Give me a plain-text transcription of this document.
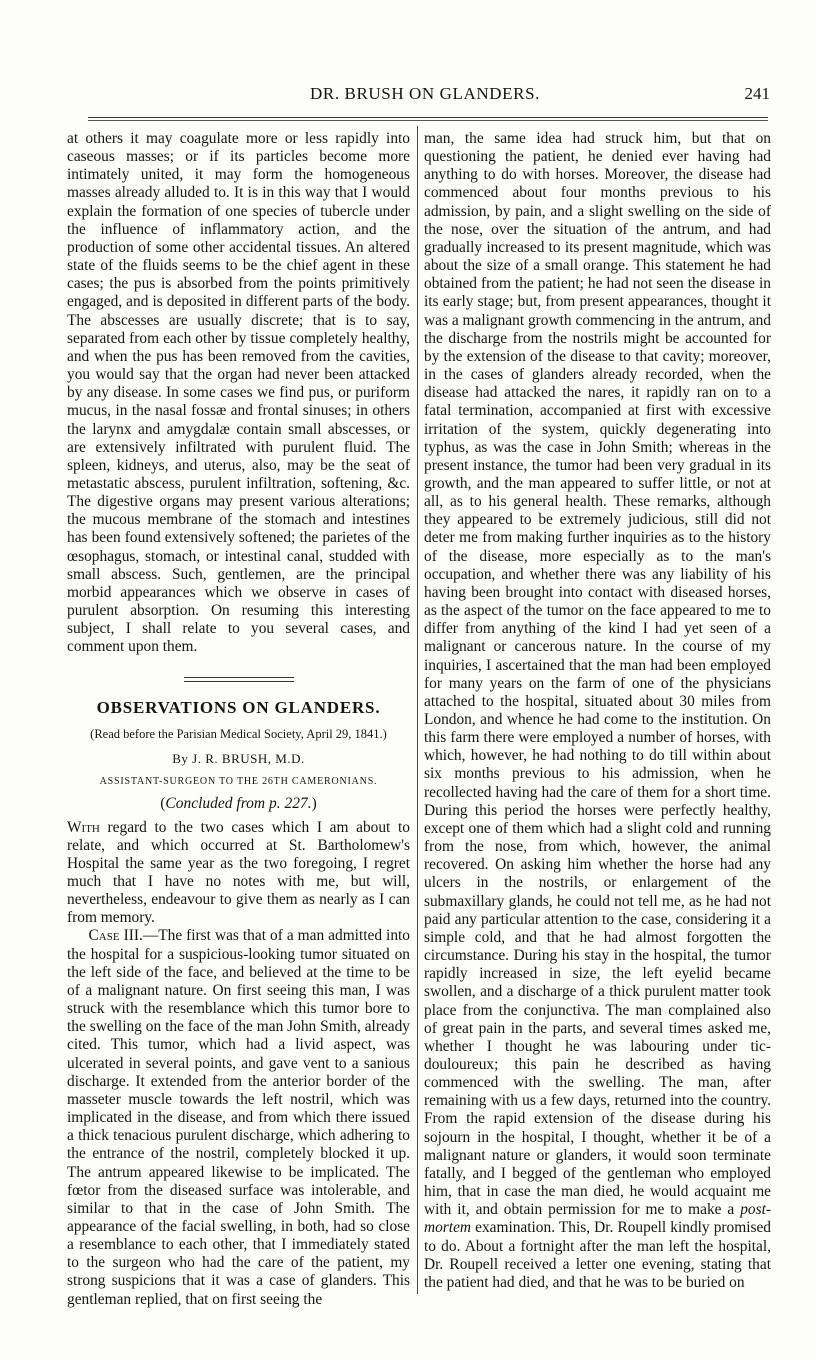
DR. BRUSH ON GLANDERS.	241

at others it may coagulate more or less rapidly into caseous masses; or if its particles become more intimately united, it may form the homogeneous masses already alluded to. It is in this way that I would explain the formation of one species of tubercle under the influence of inflammatory action, and the production of some other accidental tissues. An altered state of the fluids seems to be the chief agent in these cases; the pus is absorbed from the points primitively engaged, and is deposited in different parts of the body. The abscesses are usually discrete; that is to say, separated from each other by tissue completely healthy, and when the pus has been removed from the cavities, you would say that the organ had never been attacked by any disease. In some cases we find pus, or puriform mucus, in the nasal fossæ and frontal sinuses; in others the larynx and amygdalæ contain small abscesses, or are extensively infiltrated with purulent fluid. The spleen, kidneys, and uterus, also, may be the seat of metastatic abscess, purulent infiltration, softening, &c. The digestive organs may present various alterations; the mucous membrane of the stomach and intestines has been found extensively softened; the parietes of the œsophagus, stomach, or intestinal canal, studded with small abscess. Such, gentlemen, are the principal morbid appearances which we observe in cases of purulent absorption. On resuming this interesting subject, I shall relate to you several cases, and comment upon them.

OBSERVATIONS ON GLANDERS.

(Read before the Parisian Medical Society, April 29, 1841.)

By J. R. BRUSH, M.D.

ASSISTANT-SURGEON TO THE 26TH CAMERONIANS.

(Concluded from p. 227.)

With regard to the two cases which I am about to relate, and which occurred at St. Bartholomew's Hospital the same year as the two foregoing, I regret much that I have no notes with me, but will, nevertheless, endeavour to give them as nearly as I can from memory.

Case III.—The first was that of a man admitted into the hospital for a suspicious-looking tumor situated on the left side of the face, and believed at the time to be of a malignant nature. On first seeing this man, I was struck with the resemblance which this tumor bore to the swelling on the face of the man John Smith, already cited. This tumor, which had a livid aspect, was ulcerated in several points, and gave vent to a sanious discharge. It extended from the anterior border of the masseter muscle towards the left nostril, which was implicated in the disease, and from which there issued a thick tenacious purulent discharge, which adhering to the entrance of the nostril, completely blocked it up. The antrum appeared likewise to be implicated. The fœtor from the diseased surface was intolerable, and similar to that in the case of John Smith. The appearance of the facial swelling, in both, had so close a resemblance to each other, that I immediately stated to the surgeon who had the care of the patient, my strong suspicions that it was a case of glanders. This gentleman replied, that on first seeing the

man, the same idea had struck him, but that on questioning the patient, he denied ever having had anything to do with horses. Moreover, the disease had commenced about four months previous to his admission, by pain, and a slight swelling on the side of the nose, over the situation of the antrum, and had gradually increased to its present magnitude, which was about the size of a small orange. This statement he had obtained from the patient; he had not seen the disease in its early stage; but, from present appearances, thought it was a malignant growth commencing in the antrum, and the discharge from the nostrils might be accounted for by the extension of the disease to that cavity; moreover, in the cases of glanders already recorded, when the disease had attacked the nares, it rapidly ran on to a fatal termination, accompanied at first with excessive irritation of the system, quickly degenerating into typhus, as was the case in John Smith; whereas in the present instance, the tumor had been very gradual in its growth, and the man appeared to suffer little, or not at all, as to his general health. These remarks, although they appeared to be extremely judicious, still did not deter me from making further inquiries as to the history of the disease, more especially as to the man's occupation, and whether there was any liability of his having been brought into contact with diseased horses, as the aspect of the tumor on the face appeared to me to differ from anything of the kind I had yet seen of a malignant or cancerous nature. In the course of my inquiries, I ascertained that the man had been employed for many years on the farm of one of the physicians attached to the hospital, situated about 30 miles from London, and whence he had come to the institution. On this farm there were employed a number of horses, with which, however, he had nothing to do till within about six months previous to his admission, when he recollected having had the care of them for a short time. During this period the horses were perfectly healthy, except one of them which had a slight cold and running from the nose, from which, however, the animal recovered. On asking him whether the horse had any ulcers in the nostrils, or enlargement of the submaxillary glands, he could not tell me, as he had not paid any particular attention to the case, considering it a simple cold, and that he had almost forgotten the circumstance. During his stay in the hospital, the tumor rapidly increased in size, the left eyelid became swollen, and a discharge of a thick purulent matter took place from the conjunctiva. The man complained also of great pain in the parts, and several times asked me, whether I thought he was labouring under tic-douloureux; this pain he described as having commenced with the swelling. The man, after remaining with us a few days, returned into the country. From the rapid extension of the disease during his sojourn in the hospital, I thought, whether it be of a malignant nature or glanders, it would soon terminate fatally, and I begged of the gentleman who employed him, that in case the man died, he would acquaint me with it, and obtain permission for me to make a post-mortem examination. This, Dr. Roupell kindly promised to do. About a fortnight after the man left the hospital, Dr. Roupell received a letter one evening, stating that the patient had died, and that he was to be buried on
